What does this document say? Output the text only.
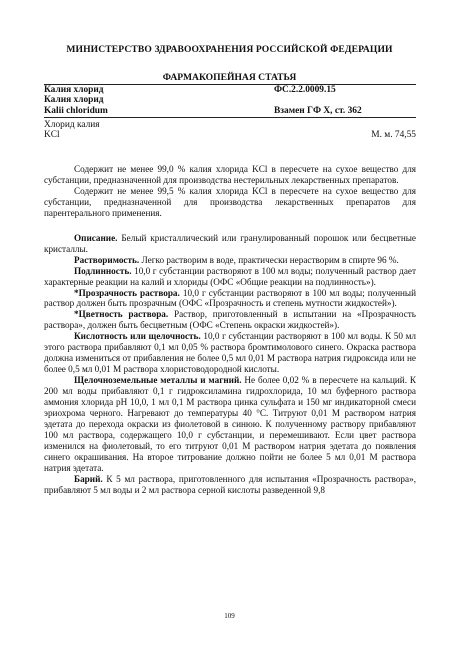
МИНИСТЕРСТВО ЗДРАВООХРАНЕНИЯ РОССИЙСКОЙ ФЕДЕРАЦИИ
ФАРМАКОПЕЙНАЯ СТАТЬЯ
Калия хлорид	ФС.2.2.0009.15
Калия хлорид
Kalii chloridum	Взамен ГФ X, ст. 362
Хлорид калия
KCl	М. м. 74,55

Содержит не менее 99,0 % калия хлорида KCl в пересчете на сухое вещество для субстанции, предназначенной для производства нестерильных лекарственных препаратов.

Содержит не менее 99,5 % калия хлорида KCl в пересчете на сухое вещество для субстанции, предназначенной для производства лекарственных препаратов для парентерального применения.

Описание. Белый кристаллический или гранулированный порошок или бесцветные кристаллы.

Растворимость. Легко растворим в воде, практически нерастворим в спирте 96 %.

Подлинность. 10,0 г субстанции растворяют в 100 мл воды; полученный раствор дает характерные реакции на калий и хлориды (ОФС «Общие реакции на подлинность»).

*Прозрачность раствора. 10,0 г субстанции растворяют в 100 мл воды; полученный раствор должен быть прозрачным (ОФС «Прозрачность и степень мутности жидкостей»).

*Цветность раствора. Раствор, приготовленный в испытании на «Прозрачность раствора», должен быть бесцветным (ОФС «Степень окраски жидкостей»).

Кислотность или щелочность. 10,0 г субстанции растворяют в 100 мл воды. К 50 мл этого раствора прибавляют 0,1 мл 0,05 % раствора бромтимолового синего. Окраска раствора должна измениться от прибавления не более 0,5 мл 0,01 М раствора натрия гидроксида или не более 0,5 мл 0,01 М раствора хлористоводородной кислоты.

Щелочноземельные металлы и магний. Не более 0,02 % в пересчете на кальций. К 200 мл воды прибавляют 0,1 г гидроксиламина гидрохлорида, 10 мл буферного раствора аммония хлорида pH 10,0, 1 мл 0,1 М раствора цинка сульфата и 150 мг индикаторной смеси эриохрома черного. Нагревают до температуры 40 °С. Титруют 0,01 М раствором натрия эдетата до перехода окраски из фиолетовой в синюю. К полученному раствору прибавляют 100 мл раствора, содержащего 10,0 г субстанции, и перемешивают. Если цвет раствора изменился на фиолетовый, то его титруют 0,01 М раствором натрия эдетата до появления синего окрашивания. На второе титрование должно пойти не более 5 мл 0,01 М раствора натрия эдетата.

Барий. К 5 мл раствора, приготовленного для испытания «Прозрачность раствора», прибавляют 5 мл воды и 2 мл раствора серной кислоты разведенной 9,8

109
